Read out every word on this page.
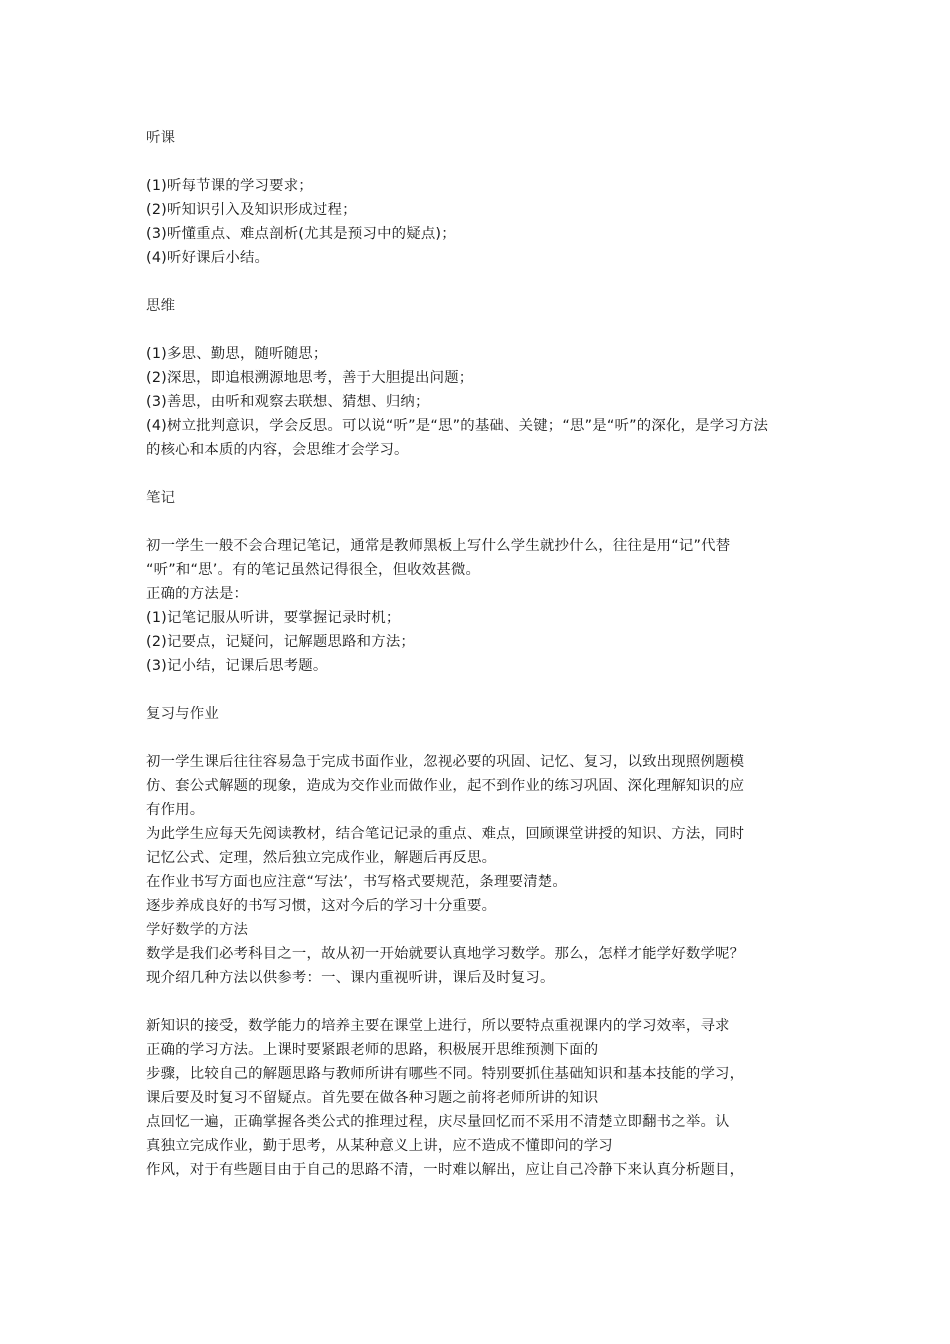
听课
(1)听每节课的学习要求；
(2)听知识引入及知识形成过程；
(3)听懂重点、难点剖析(尤其是预习中的疑点)；
(4)听好课后小结。
思维
(1)多思、勤思，随听随思；
(2)深思，即追根溯源地思考，善于大胆提出问题；
(3)善思，由听和观察去联想、猜想、归纳；
(4)树立批判意识，学会反思。可以说“听”是“思”的基础、关键；“思”是“听”的深化，是学习方法
的核心和本质的内容，会思维才会学习。
笔记
初一学生一般不会合理记笔记，通常是教师黑板上写什么学生就抄什么，往往是用“记”代替
“听”和“思’。有的笔记虽然记得很全，但收效甚微。
正确的方法是：
(1)记笔记服从听讲，要掌握记录时机；
(2)记要点，记疑问，记解题思路和方法；
(3)记小结，记课后思考题。
复习与作业
初一学生课后往往容易急于完成书面作业，忽视必要的巩固、记忆、复习，以致出现照例题模
仿、套公式解题的现象，造成为交作业而做作业，起不到作业的练习巩固、深化理解知识的应
有作用。
为此学生应每天先阅读教材，结合笔记记录的重点、难点，回顾课堂讲授的知识、方法，同时
记忆公式、定理，然后独立完成作业，解题后再反思。
在作业书写方面也应注意“写法’，书写格式要规范，条理要清楚。
逐步养成良好的书写习惯，这对今后的学习十分重要。
学好数学的方法
数学是我们必考科目之一，故从初一开始就要认真地学习数学。那么，怎样才能学好数学呢？
现介绍几种方法以供参考：一、课内重视听讲，课后及时复习。
新知识的接受，数学能力的培养主要在课堂上进行，所以要特点重视课内的学习效率，寻求
正确的学习方法。上课时要紧跟老师的思路，积极展开思维预测下面的
步骤，比较自己的解题思路与教师所讲有哪些不同。特别要抓住基础知识和基本技能的学习，
课后要及时复习不留疑点。首先要在做各种习题之前将老师所讲的知识
点回忆一遍，正确掌握各类公式的推理过程，庆尽量回忆而不采用不清楚立即翻书之举。认
真独立完成作业，勤于思考，从某种意义上讲，应不造成不懂即问的学习
作风，对于有些题目由于自己的思路不清，一时难以解出，应让自己冷静下来认真分析题目，
